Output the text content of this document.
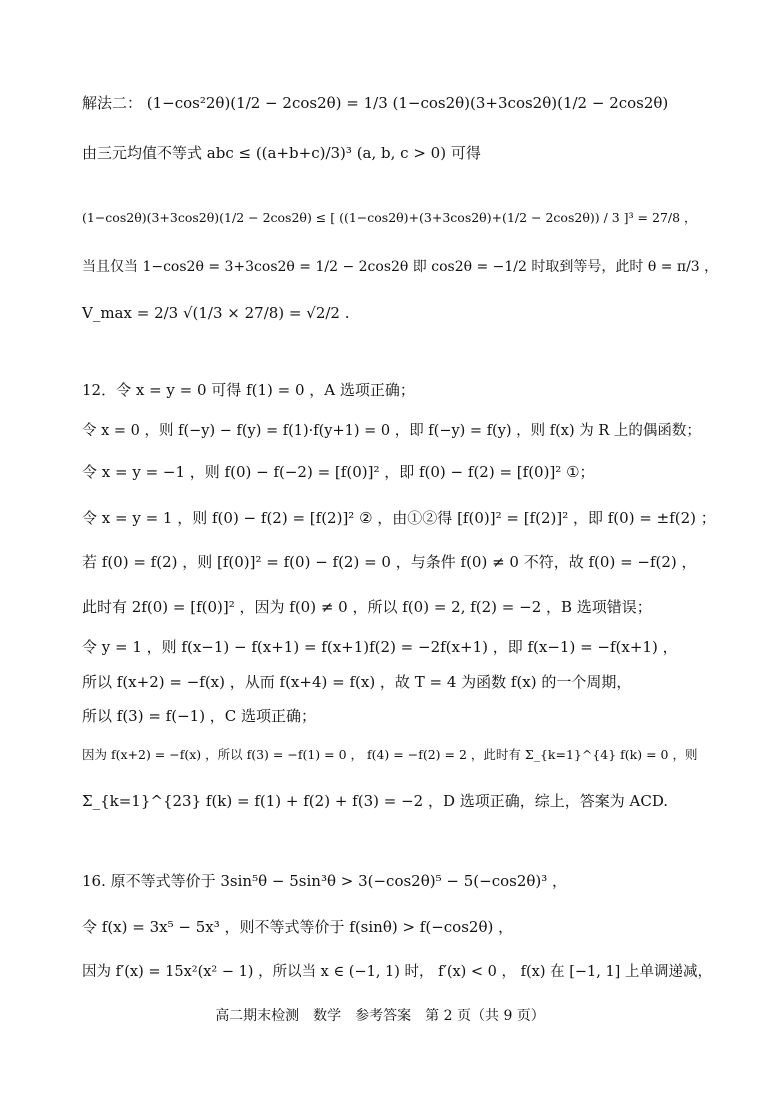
解法二： (1−cos²2θ)(1/2 − 2cos2θ) = 1/3 (1−cos2θ)(3+3cos2θ)(1/2 − 2cos2θ)
由三元均值不等式 abc ≤ ((a+b+c)/3)³ (a, b, c > 0) 可得
(1−cos2θ)(3+3cos2θ)(1/2 − 2cos2θ) ≤ [ ((1−cos2θ)+(3+3cos2θ)+(1/2 − 2cos2θ)) / 3 ]³ = 27/8 ，
当且仅当 1−cos2θ = 3+3cos2θ = 1/2 − 2cos2θ 即 cos2θ = −1/2 时取到等号，此时 θ = π/3 ，
V_max = 2/3 √(1/3 × 27/8) = √2/2 .
12．令 x = y = 0 可得 f(1) = 0 ，A 选项正确；
令 x = 0 ，则 f(−y) − f(y) = f(1)·f(y+1) = 0 ，即 f(−y) = f(y) ，则 f(x) 为 R 上的偶函数；
令 x = y = −1 ，则 f(0) − f(−2) = [f(0)]² ，即 f(0) − f(2) = [f(0)]² ①；
令 x = y = 1 ，则 f(0) − f(2) = [f(2)]² ② ，由①②得 [f(0)]² = [f(2)]² ，即 f(0) = ±f(2) ；
若 f(0) = f(2) ，则 [f(0)]² = f(0) − f(2) = 0 ，与条件 f(0) ≠ 0 不符，故 f(0) = −f(2) ，
此时有 2f(0) = [f(0)]² ，因为 f(0) ≠ 0 ，所以 f(0) = 2, f(2) = −2 ，B 选项错误；
令 y = 1 ，则 f(x−1) − f(x+1) = f(x+1)f(2) = −2f(x+1) ，即 f(x−1) = −f(x+1) ，
所以 f(x+2) = −f(x) ，从而 f(x+4) = f(x) ，故 T = 4 为函数 f(x) 的一个周期，
所以 f(3) = f(−1) ，C 选项正确；
因为 f(x+2) = −f(x) ，所以 f(3) = −f(1) = 0 ， f(4) = −f(2) = 2 ，此时有 Σ_{k=1}^{4} f(k) = 0 ，则
Σ_{k=1}^{23} f(k) = f(1) + f(2) + f(3) = −2 ，D 选项正确，综上，答案为 ACD.
16. 原不等式等价于 3sin⁵θ − 5sin³θ > 3(−cos2θ)⁵ − 5(−cos2θ)³ ，
令 f(x) = 3x⁵ − 5x³ ，则不等式等价于 f(sinθ) > f(−cos2θ) ，
因为 f′(x) = 15x²(x² − 1) ，所以当 x ∈ (−1, 1) 时， f′(x) < 0 ， f(x) 在 [−1, 1] 上单调递减，
高二期末检测　数学　参考答案　第 2 页（共 9 页）
